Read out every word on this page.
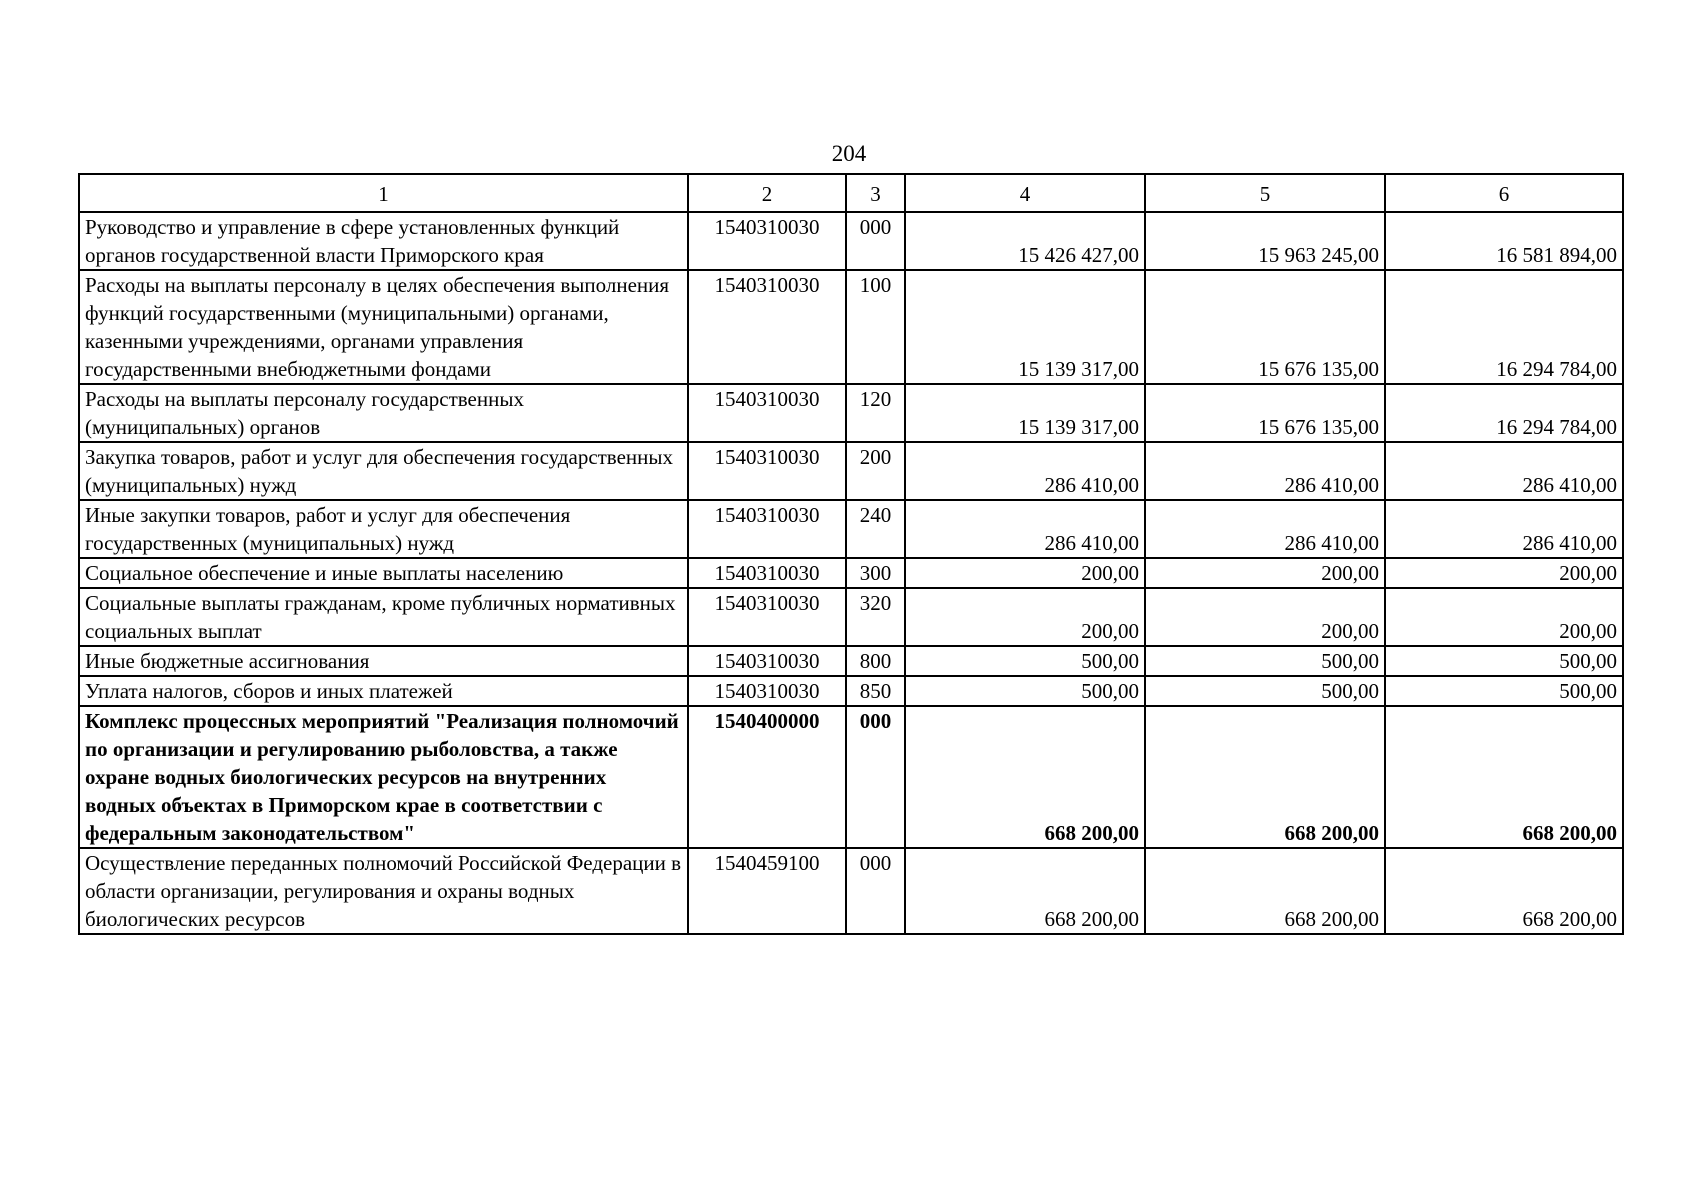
204
1	2	3	4	5	6
Руководство и управление в сфере установленных функций органов государственной власти Приморского края	1540310030	000	15 426 427,00	15 963 245,00	16 581 894,00
Расходы на выплаты персоналу в целях обеспечения выполнения функций государственными (муниципальными) органами, казенными учреждениями, органами управления государственными внебюджетными фондами	1540310030	100	15 139 317,00	15 676 135,00	16 294 784,00
Расходы на выплаты персоналу государственных (муниципальных) органов	1540310030	120	15 139 317,00	15 676 135,00	16 294 784,00
Закупка товаров, работ и услуг для обеспечения государственных (муниципальных) нужд	1540310030	200	286 410,00	286 410,00	286 410,00
Иные закупки товаров, работ и услуг для обеспечения государственных (муниципальных) нужд	1540310030	240	286 410,00	286 410,00	286 410,00
Социальное обеспечение и иные выплаты населению	1540310030	300	200,00	200,00	200,00
Социальные выплаты гражданам, кроме публичных нормативных социальных выплат	1540310030	320	200,00	200,00	200,00
Иные бюджетные ассигнования	1540310030	800	500,00	500,00	500,00
Уплата налогов, сборов и иных платежей	1540310030	850	500,00	500,00	500,00
Комплекс процессных мероприятий "Реализация полномочий по организации и регулированию рыболовства, а также охране водных биологических ресурсов на внутренних водных объектах в Приморском крае в соответствии с федеральным законодательством"	1540400000	000	668 200,00	668 200,00	668 200,00
Осуществление переданных полномочий Российской Федерации в области организации, регулирования и охраны водных биологических ресурсов	1540459100	000	668 200,00	668 200,00	668 200,00
